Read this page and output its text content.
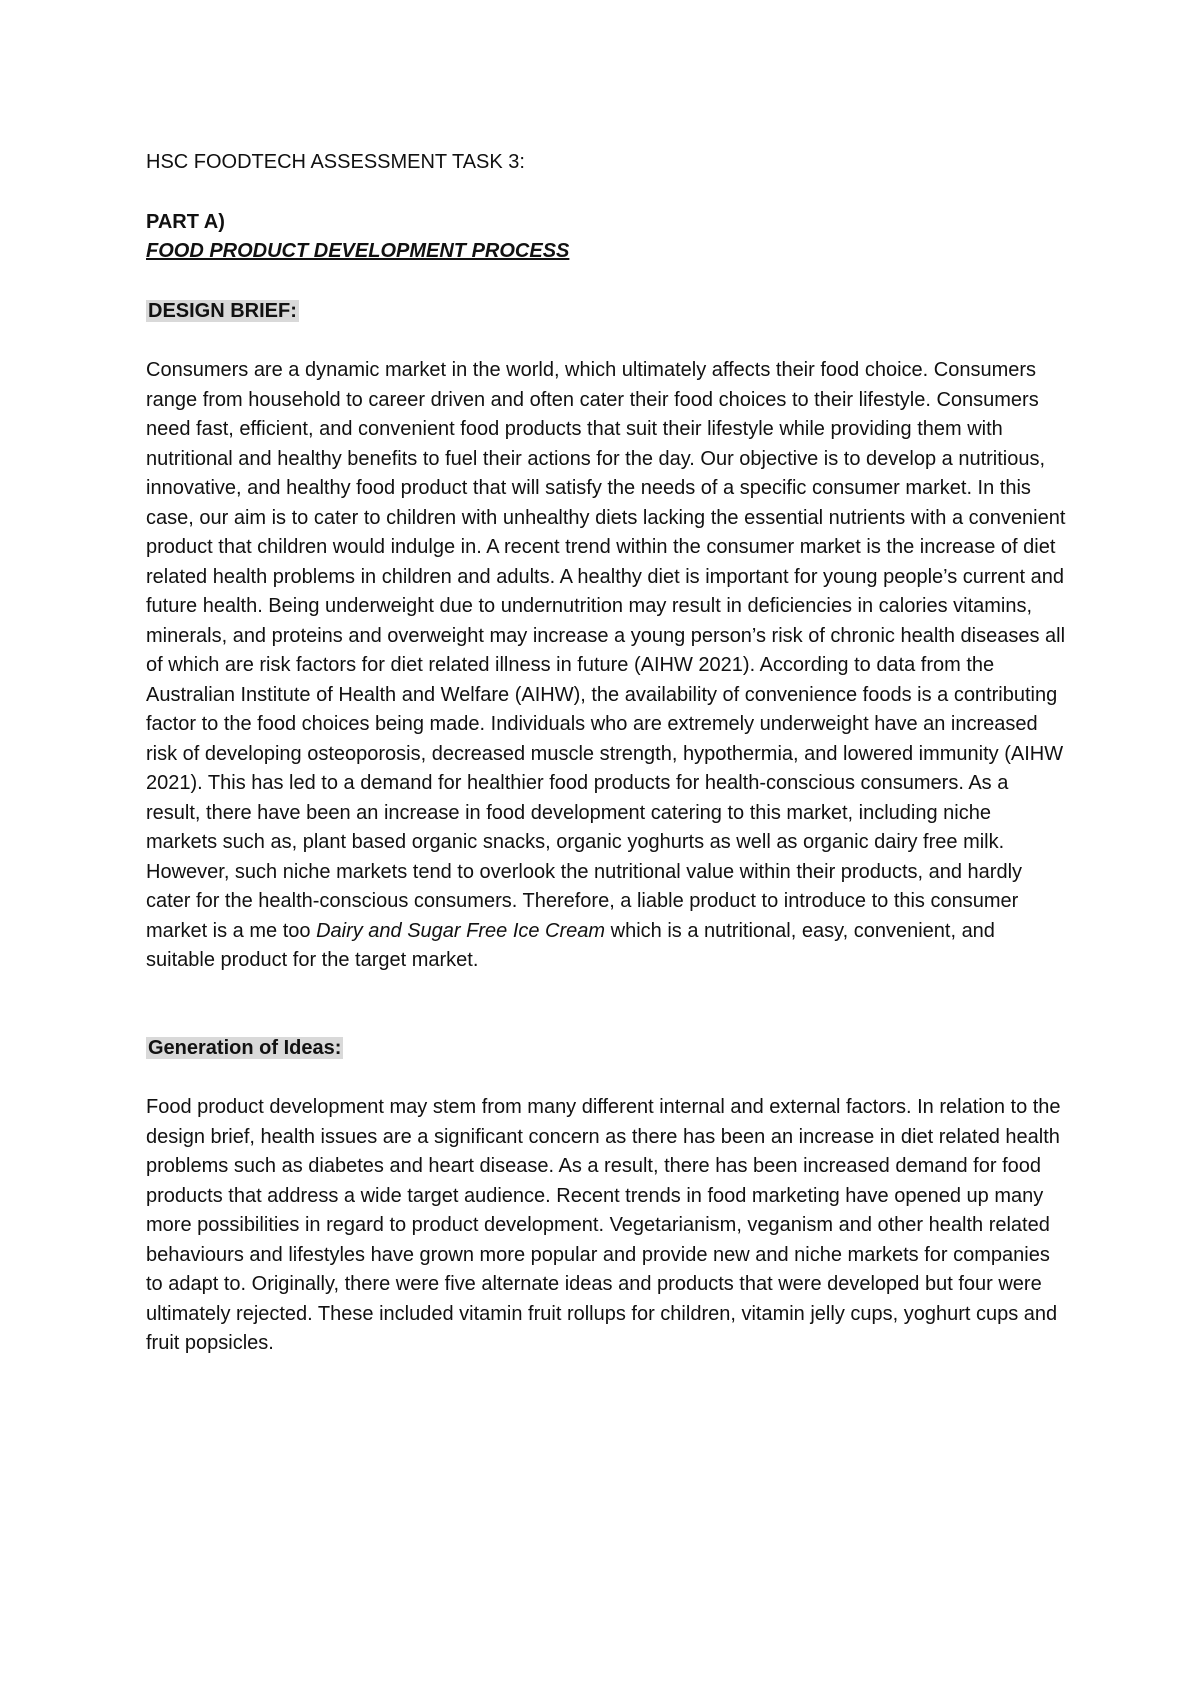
HSC FOODTECH ASSESSMENT TASK 3:

PART A)

FOOD PRODUCT DEVELOPMENT PROCESS

DESIGN BRIEF:

Consumers are a dynamic market in the world, which ultimately affects their food choice. Consumers range from household to career driven and often cater their food choices to their lifestyle. Consumers need fast, efficient, and convenient food products that suit their lifestyle while providing them with nutritional and healthy benefits to fuel their actions for the day. Our objective is to develop a nutritious, innovative, and healthy food product that will satisfy the needs of a specific consumer market. In this case, our aim is to cater to children with unhealthy diets lacking the essential nutrients with a convenient product that children would indulge in. A recent trend within the consumer market is the increase of diet related health problems in children and adults. A healthy diet is important for young people’s current and future health. Being underweight due to undernutrition may result in deficiencies in calories vitamins, minerals, and proteins and overweight may increase a young person’s risk of chronic health diseases all of which are risk factors for diet related illness in future (AIHW 2021). According to data from the Australian Institute of Health and Welfare (AIHW), the availability of convenience foods is a contributing factor to the food choices being made. Individuals who are extremely underweight have an increased risk of developing osteoporosis, decreased muscle strength, hypothermia, and lowered immunity (AIHW 2021). This has led to a demand for healthier food products for health-conscious consumers. As a result, there have been an increase in food development catering to this market, including niche markets such as, plant based organic snacks, organic yoghurts as well as organic dairy free milk. However, such niche markets tend to overlook the nutritional value within their products, and hardly cater for the health-conscious consumers. Therefore, a liable product to introduce to this consumer market is a me too Dairy and Sugar Free Ice Cream which is a nutritional, easy, convenient, and suitable product for the target market.

Generation of Ideas:

Food product development may stem from many different internal and external factors. In relation to the design brief, health issues are a significant concern as there has been an increase in diet related health problems such as diabetes and heart disease. As a result, there has been increased demand for food products that address a wide target audience. Recent trends in food marketing have opened up many more possibilities in regard to product development. Vegetarianism, veganism and other health related behaviours and lifestyles have grown more popular and provide new and niche markets for companies to adapt to. Originally, there were five alternate ideas and products that were developed but four were ultimately rejected. These included vitamin fruit rollups for children, vitamin jelly cups, yoghurt cups and fruit popsicles.
